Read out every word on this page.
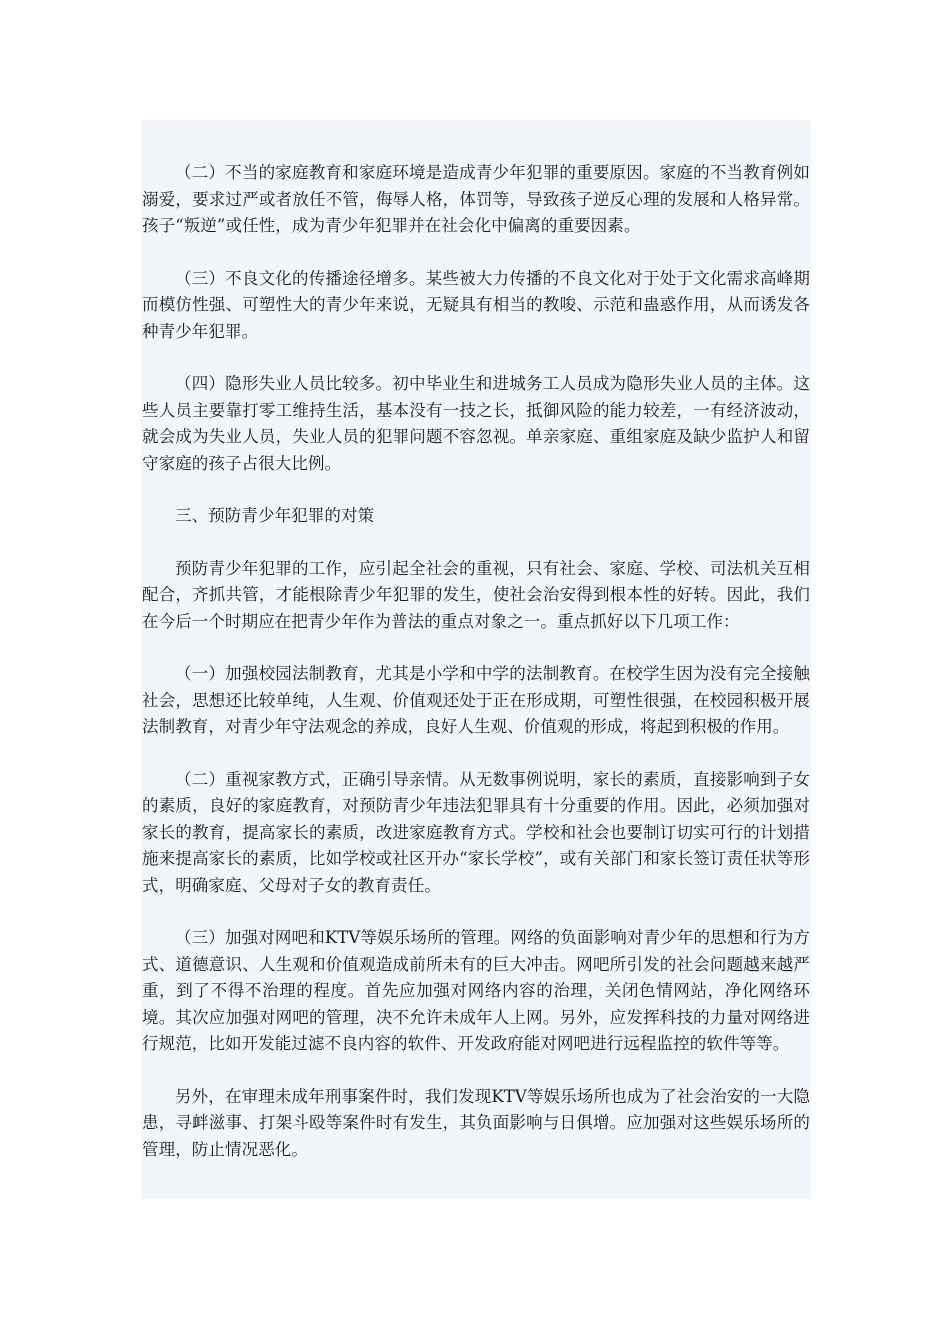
（二）不当的家庭教育和家庭环境是造成青少年犯罪的重要原因。家庭的不当教育例如溺爱，要求过严或者放任不管，侮辱人格，体罚等，导致孩子逆反心理的发展和人格异常。孩子“叛逆”或任性，成为青少年犯罪并在社会化中偏离的重要因素。

（三）不良文化的传播途径增多。某些被大力传播的不良文化对于处于文化需求高峰期而模仿性强、可塑性大的青少年来说，无疑具有相当的教唆、示范和蛊惑作用，从而诱发各种青少年犯罪。

（四）隐形失业人员比较多。初中毕业生和进城务工人员成为隐形失业人员的主体。这些人员主要靠打零工维持生活，基本没有一技之长，抵御风险的能力较差，一有经济波动，就会成为失业人员，失业人员的犯罪问题不容忽视。单亲家庭、重组家庭及缺少监护人和留守家庭的孩子占很大比例。

三、预防青少年犯罪的对策

预防青少年犯罪的工作，应引起全社会的重视，只有社会、家庭、学校、司法机关互相配合，齐抓共管，才能根除青少年犯罪的发生，使社会治安得到根本性的好转。因此，我们在今后一个时期应在把青少年作为普法的重点对象之一。重点抓好以下几项工作：

（一）加强校园法制教育，尤其是小学和中学的法制教育。在校学生因为没有完全接触社会，思想还比较单纯，人生观、价值观还处于正在形成期，可塑性很强，在校园积极开展法制教育，对青少年守法观念的养成，良好人生观、价值观的形成，将起到积极的作用。

（二）重视家教方式，正确引导亲情。从无数事例说明，家长的素质，直接影响到子女的素质，良好的家庭教育，对预防青少年违法犯罪具有十分重要的作用。因此，必须加强对家长的教育，提高家长的素质，改进家庭教育方式。学校和社会也要制订切实可行的计划措施来提高家长的素质，比如学校或社区开办“家长学校”，或有关部门和家长签订责任状等形式，明确家庭、父母对子女的教育责任。

（三）加强对网吧和KTV等娱乐场所的管理。网络的负面影响对青少年的思想和行为方式、道德意识、人生观和价值观造成前所未有的巨大冲击。网吧所引发的社会问题越来越严重，到了不得不治理的程度。首先应加强对网络内容的治理，关闭色情网站，净化网络环境。其次应加强对网吧的管理，决不允许未成年人上网。另外，应发挥科技的力量对网络进行规范，比如开发能过滤不良内容的软件、开发政府能对网吧进行远程监控的软件等等。

另外，在审理未成年刑事案件时，我们发现KTV等娱乐场所也成为了社会治安的一大隐患，寻衅滋事、打架斗殴等案件时有发生，其负面影响与日俱增。应加强对这些娱乐场所的管理，防止情况恶化。
